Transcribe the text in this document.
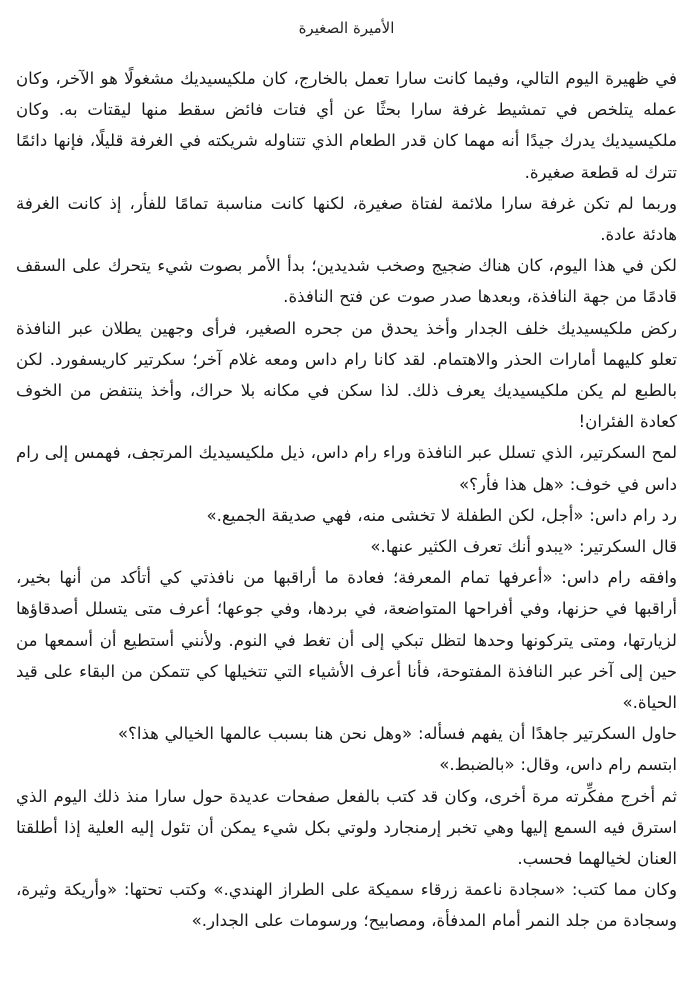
الأميرة الصغيرة

في ظهيرة اليوم التالي، وفيما كانت سارا تعمل بالخارج، كان ملكيسيديك مشغولًا هو الآخر، وكان عمله يتلخص في تمشيط غرفة سارا بحثًا عن أي فتات فائض سقط منها ليقتات به. وكان ملكيسيديك يدرك جيدًا أنه مهما كان قدر الطعام الذي تتناوله شريكته في الغرفة قليلًا، فإنها دائمًا تترك له قطعة صغيرة.

وربما لم تكن غرفة سارا ملائمة لفتاة صغيرة، لكنها كانت مناسبة تمامًا للفأر، إذ كانت الغرفة هادئة عادة.

لكن في هذا اليوم، كان هناك ضجيج وصخب شديدين؛ بدأ الأمر بصوت شيء يتحرك على السقف قادمًا من جهة النافذة، وبعدها صدر صوت عن فتح النافذة.

ركض ملكيسيديك خلف الجدار وأخذ يحدق من جحره الصغير، فرأى وجهين يطلان عبر النافذة تعلو كليهما أمارات الحذر والاهتمام. لقد كانا رام داس ومعه غلام آخر؛ سكرتير كاريسفورد. لكن بالطبع لم يكن ملكيسيديك يعرف ذلك. لذا سكن في مكانه بلا حراك، وأخذ ينتفض من الخوف كعادة الفئران!

لمح السكرتير، الذي تسلل عبر النافذة وراء رام داس، ذيل ملكيسيديك المرتجف، فهمس إلى رام داس في خوف: «هل هذا فأر؟»

رد رام داس: «أجل، لكن الطفلة لا تخشى منه، فهي صديقة الجميع.»

قال السكرتير: «يبدو أنك تعرف الكثير عنها.»

وافقه رام داس: «أعرفها تمام المعرفة؛ فعادة ما أراقبها من نافذتي كي أتأكد من أنها بخير، أراقبها في حزنها، وفي أفراحها المتواضعة، في بردها، وفي جوعها؛ أعرف متى يتسلل أصدقاؤها لزيارتها، ومتى يتركونها وحدها لتظل تبكي إلى أن تغط في النوم. ولأنني أستطيع أن أسمعها من حين إلى آخر عبر النافذة المفتوحة، فأنا أعرف الأشياء التي تتخيلها كي تتمكن من البقاء على قيد الحياة.»

حاول السكرتير جاهدًا أن يفهم فسأله: «وهل نحن هنا بسبب عالمها الخيالي هذا؟»

ابتسم رام داس، وقال: «بالضبط.»

ثم أخرج مفكِّرته مرة أخرى، وكان قد كتب بالفعل صفحات عديدة حول سارا منذ ذلك اليوم الذي استرق فيه السمع إليها وهي تخبر إرمنجارد ولوتي بكل شيء يمكن أن تئول إليه العلية إذا أطلقتا العنان لخيالهما فحسب.

وكان مما كتب: «سجادة ناعمة زرقاء سميكة على الطراز الهندي.» وكتب تحتها: «وأريكة وثيرة، وسجادة من جلد النمر أمام المدفأة، ومصابيح؛ ورسومات على الجدار.»
